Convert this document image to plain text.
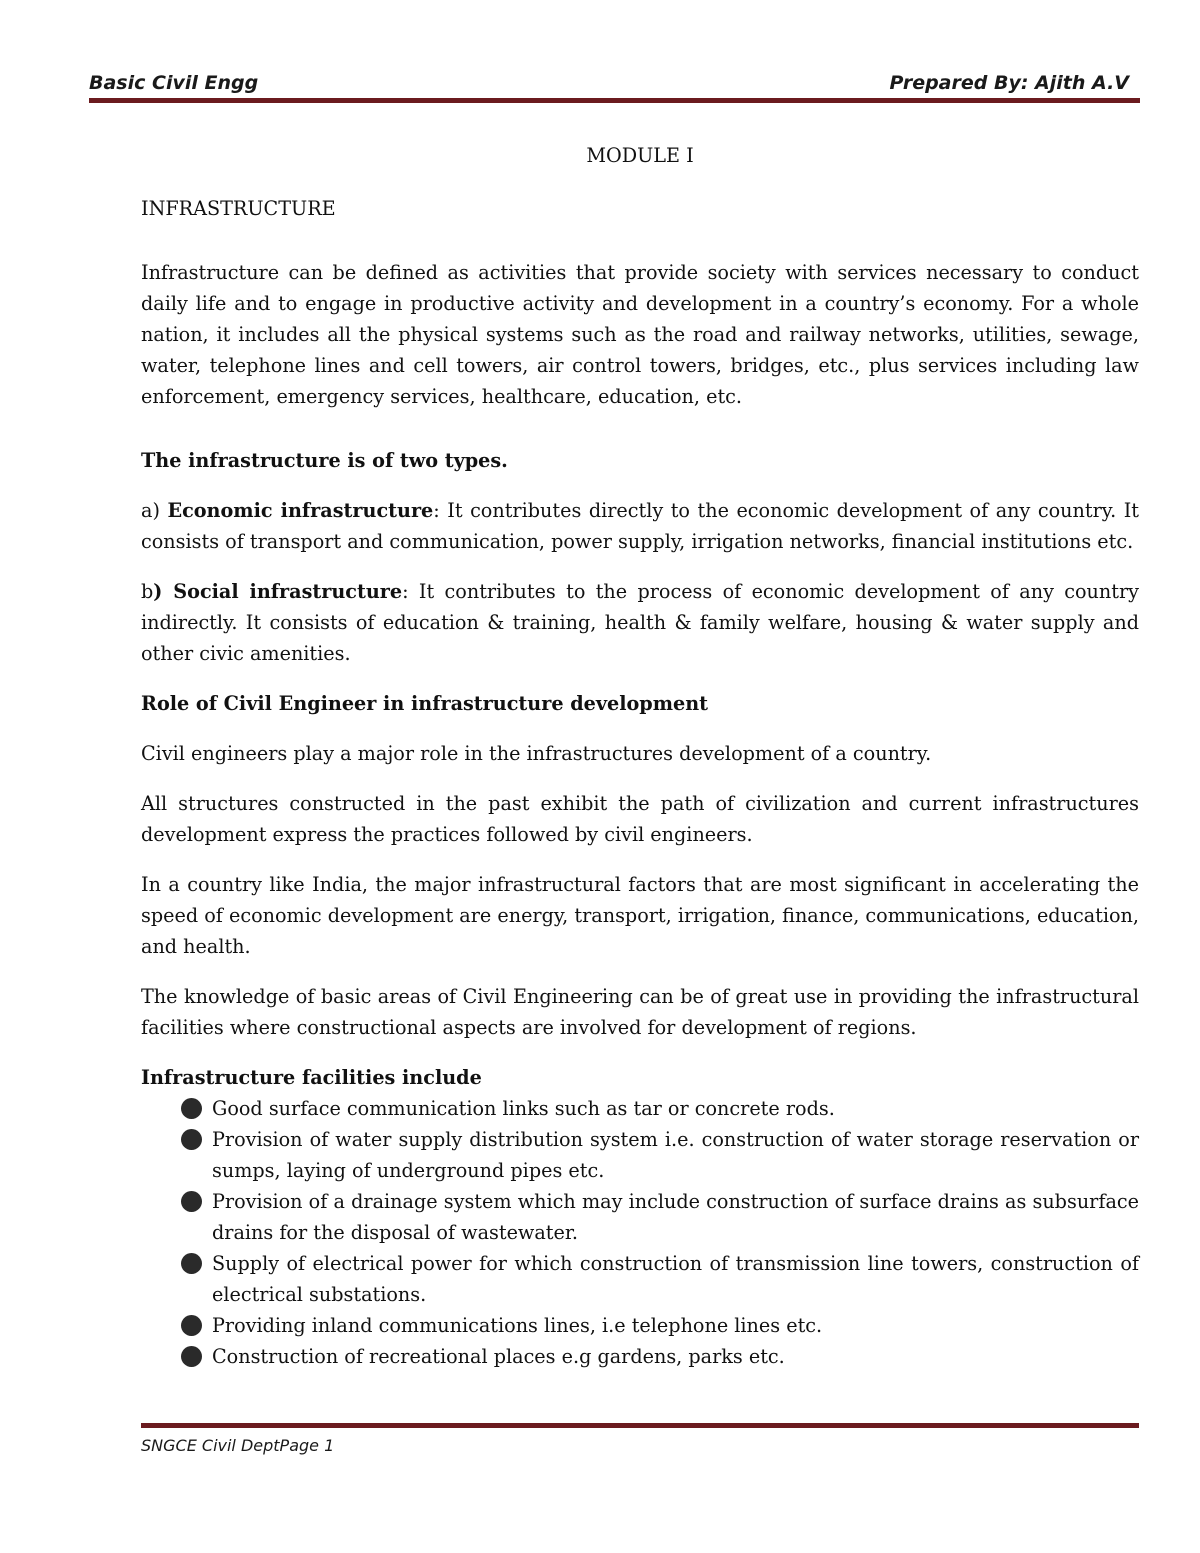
Basic Civil Engg	Prepared By: Ajith A.V

MODULE I

INFRASTRUCTURE

Infrastructure can be defined as activities that provide society with services necessary to conduct daily life and to engage in productive activity and development in a country’s economy. For a whole nation, it includes all the physical systems such as the road and railway networks, utilities, sewage, water, telephone lines and cell towers, air control towers, bridges, etc., plus services including law enforcement, emergency services, healthcare, education, etc.

The infrastructure is of two types.

a) Economic infrastructure: It contributes directly to the economic development of any country. It consists of transport and communication, power supply, irrigation networks, financial institutions etc.

b) Social infrastructure: It contributes to the process of economic development of any country indirectly. It consists of education & training, health & family welfare, housing & water supply and other civic amenities.

Role of Civil Engineer in infrastructure development

Civil engineers play a major role in the infrastructures development of a country.

All structures constructed in the past exhibit the path of civilization and current infrastructures development express the practices followed by civil engineers.

In a country like India, the major infrastructural factors that are most significant in accelerating the speed of economic development are energy, transport, irrigation, finance, communications, education, and health.

The knowledge of basic areas of Civil Engineering can be of great use in providing the infrastructural facilities where constructional aspects are involved for development of regions.

Infrastructure facilities include

Good surface communication links such as tar or concrete rods.
Provision of water supply distribution system i.e. construction of water storage reservation or sumps, laying of underground pipes etc.
Provision of a drainage system which may include construction of surface drains as subsurface drains for the disposal of wastewater.
Supply of electrical power for which construction of transmission line towers, construction of electrical substations.
Providing inland communications lines, i.e telephone lines etc.
Construction of recreational places e.g gardens, parks etc.
SNGCE Civil DeptPage 1
